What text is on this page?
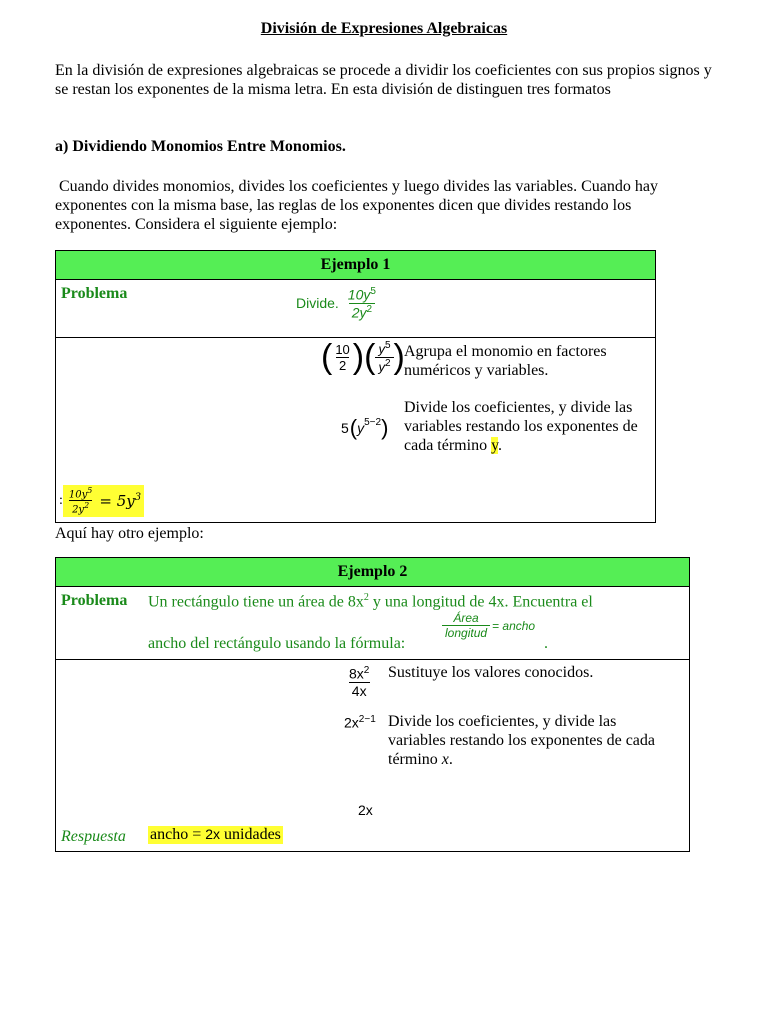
División de Expresiones Algebraicas
En la división de expresiones algebraicas se procede a dividir los coeficientes con sus propios signos y se restan los exponentes de la misma letra. En esta división de distinguen tres formatos
a) Dividiendo Monomios Entre Monomios.
Cuando divides monomios, divides los coeficientes y luego divides las variables. Cuando hay exponentes con la misma base, las reglas de los exponentes dicen que divides restando los exponentes. Considera el siguiente ejemplo:
Ejemplo 1
Problema
Divide. $\frac{10y^5}{2y^2}$
( $\frac{10}{2}$ ) ( $\frac{y^5}{y^2}$ ) Agrupa el monomio en factores numéricos y variables.
5 ( $y^{5-2}$ )
Divide los coeficientes, y divide las variables restando los exponentes de cada término y.
: $\frac{10y^5}{2y^2} = 5y^3$
Aquí hay otro ejemplo:
Ejemplo 2
Problema Un rectángulo tiene un área de $8x^2$ y una longitud de 4x. Encuentra el
ancho del rectángulo usando la fórmula:
$\frac{\text{Área}}{\text{longitud}}$ = ancho
.
$\frac{8x^2}{4x}$ Sustituye los valores conocidos.
$2x^{2-1}$ Divide los coeficientes, y divide las variables restando los exponentes de cada término x.
2x
Respuesta ancho = 2x unidades
